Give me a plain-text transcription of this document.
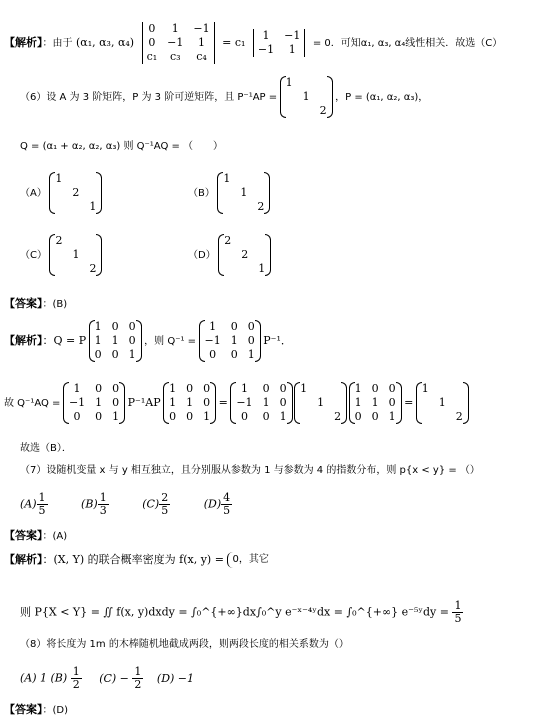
【解析】：由于 (α₁, α₃, α₄)
0	1	−1
0	−1	1
c₁	c₃	c₄
= c₁
1	−1
−1	1 = 0．可知α₁, α₃, α₄线性相关．故选（C）
（6）设 A 为 3 阶矩阵，P 为 3 阶可逆矩阵，且 P⁻¹AP =
1		
	1	
		2
，P = (α₁, α₂, α₃)，
Q = (α₁ + α₂, α₂, α₃) 则 Q⁻¹AQ = （　　）
（A）
1		
	2	
		1
（B）
1		
	1	
		2
（C）
2		
	1	
		2
（D）
2		
	2	
		1
【答案】：(B)
【解析】：Q = P
1	0	0
1	1	0
0	0	1
，则 Q⁻¹ =
1	0	0
−1	1	0
0	0	1
P⁻¹．
故 Q⁻¹AQ =
1	0	0
−1	1	0
0	0	1
P⁻¹AP
1	0	0
1	1	0
0	0	1
=
1	0	0
−1	1	0
0	0	1

1		
	1	
		2

1	0	0
1	1	0
0	0	1
=
1		
	1	
		2
故选（B）．
（7）设随机变量 x 与 y 相互独立，且分别服从参数为 1 与参数为 4 的指数分布，则 p{x < y} = （）
$(A) \frac{1}{5}$	$(B) \frac{1}{3}$	$(C) \frac{2}{5}$	$(D) \frac{4}{5}$
【答案】：(A)
【解析】：(X, Y) 的联合概率密度为 f(x, y) = 0，其它
则 P{X < Y} = ∬ f(x, y)dxdy = ∫₀^{+∞}dx∫₀^y e⁻ˣ⁻⁴ʸdx = ∫₀^{+∞} e⁻⁵ʸdy = $\frac{1}{5}$
（8）将长度为 1m 的木棒随机地截成两段，则两段长度的相关系数为（）
(A) 1 $(B) \frac{1}{2} (C) - \frac{1}{2} (D) -1$
【答案】：(D)
